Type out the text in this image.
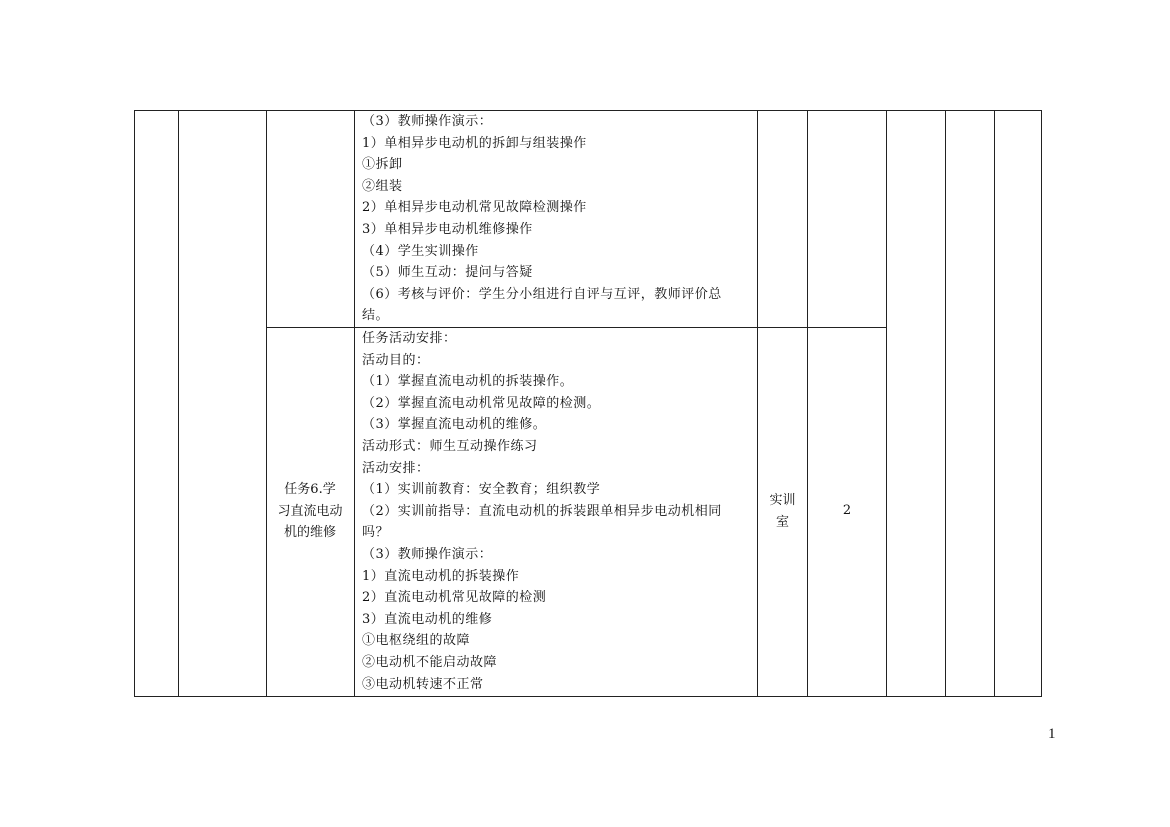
（3）教师操作演示：
1）单相异步电动机的拆卸与组装操作
①拆卸
②组装
2）单相异步电动机常见故障检测操作
3）单相异步电动机维修操作
（4）学生实训操作
（5）师生互动：提问与答疑
（6）考核与评价：学生分小组进行自评与互评，教师评价总
结。
任务6.学
习直流电动
机的维修
任务活动安排：
活动目的：
（1）掌握直流电动机的拆装操作。
（2）掌握直流电动机常见故障的检测。
（3）掌握直流电动机的维修。
活动形式：师生互动操作练习
活动安排：
（1）实训前教育：安全教育；组织教学
（2）实训前指导：直流电动机的拆装跟单相异步电动机相同
吗？
（3）教师操作演示：
1）直流电动机的拆装操作
2）直流电动机常见故障的检测
3）直流电动机的维修
①电枢绕组的故障
②电动机不能启动故障
③电动机转速不正常
实训
室
2
1
